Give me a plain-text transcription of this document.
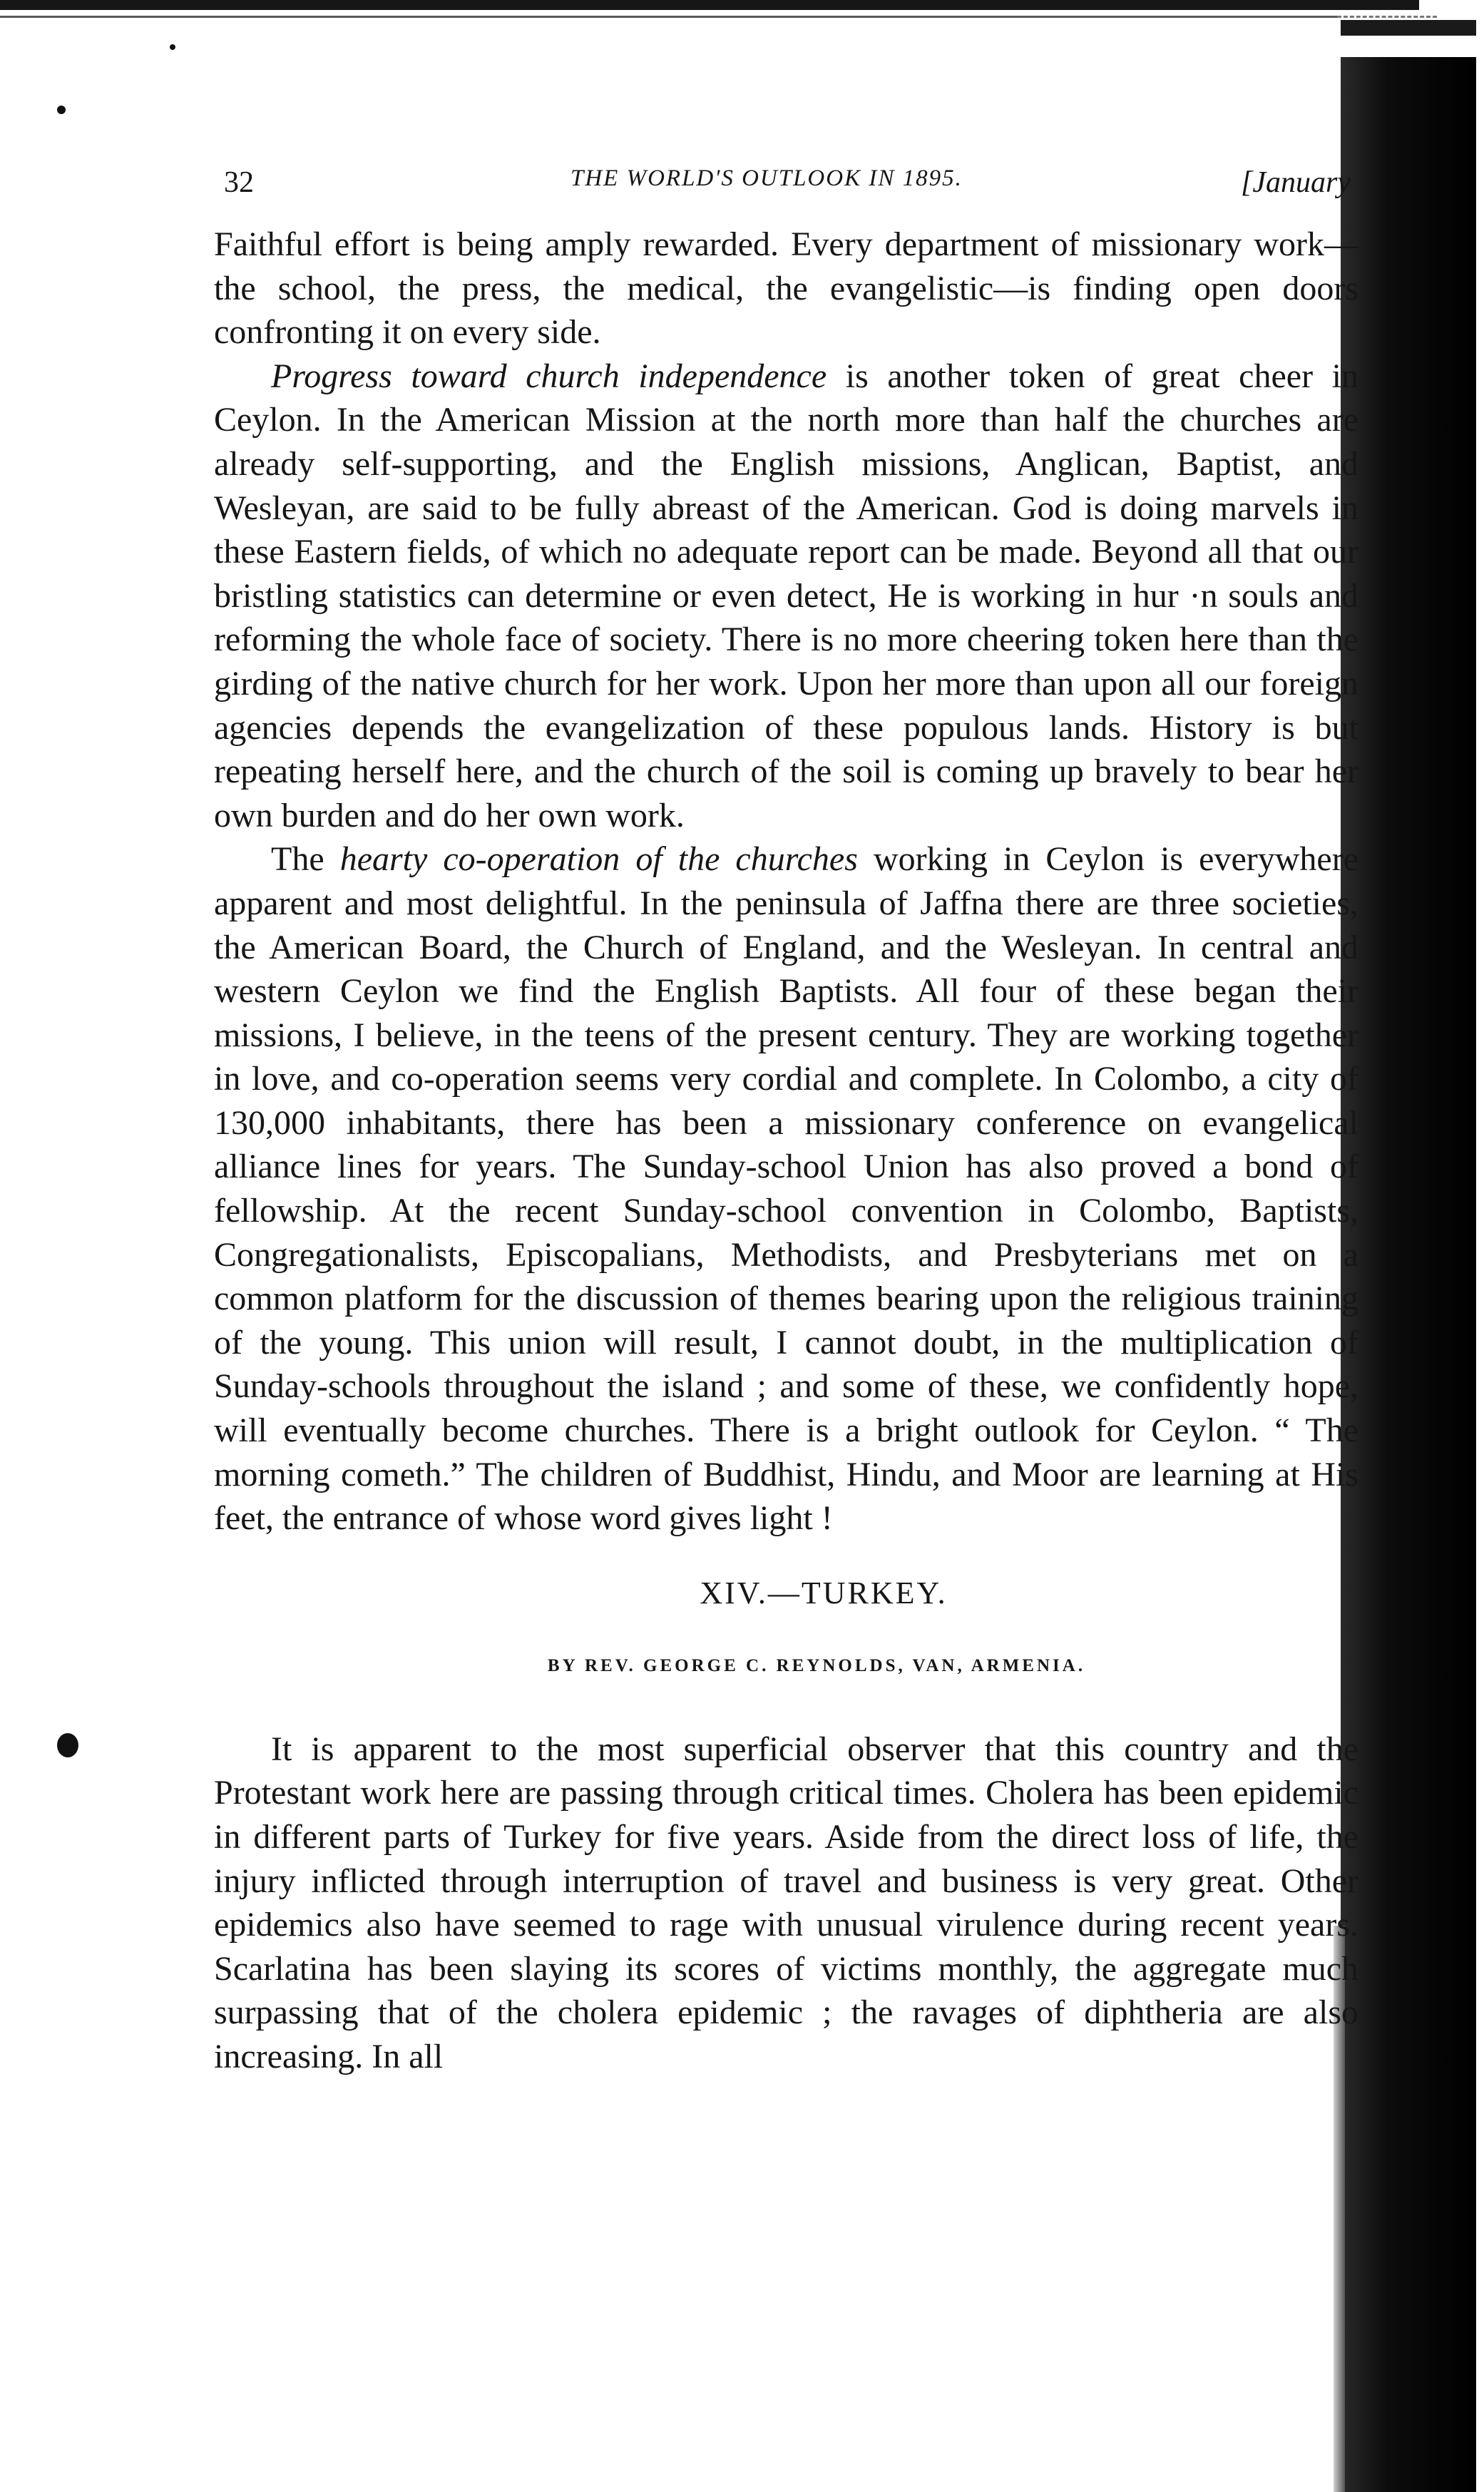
32	THE WORLD'S OUTLOOK IN 1895.	[January

Faithful effort is being amply rewarded. Every department of missionary work—the school, the press, the medical, the evangelistic—is finding open doors confronting it on every side.

Progress toward church independence is another token of great cheer in Ceylon. In the American Mission at the north more than half the churches are already self-supporting, and the English missions, Anglican, Baptist, and Wesleyan, are said to be fully abreast of the American. God is doing marvels in these Eastern fields, of which no adequate report can be made. Beyond all that our bristling statistics can determine or even detect, He is working in hur ·n souls and reforming the whole face of society. There is no more cheering token here than the girding of the native church for her work. Upon her more than upon all our foreign agencies depends the evangelization of these populous lands. History is but repeating herself here, and the church of the soil is coming up bravely to bear her own burden and do her own work.

The hearty co-operation of the churches working in Ceylon is everywhere apparent and most delightful. In the peninsula of Jaffna there are three societies, the American Board, the Church of England, and the Wesleyan. In central and western Ceylon we find the English Baptists. All four of these began their missions, I believe, in the teens of the present century. They are working together in love, and co-operation seems very cordial and complete. In Colombo, a city of 130,000 inhabitants, there has been a missionary conference on evangelical alliance lines for years. The Sunday-school Union has also proved a bond of fellowship. At the recent Sunday-school convention in Colombo, Baptists, Congregationalists, Episcopalians, Methodists, and Presbyterians met on a common platform for the discussion of themes bearing upon the religious training of the young. This union will result, I cannot doubt, in the multiplication of Sunday-schools throughout the island ; and some of these, we confidently hope, will eventually become churches. There is a bright outlook for Ceylon. “ The morning cometh.” The children of Buddhist, Hindu, and Moor are learning at His feet, the entrance of whose word gives light !

XIV.—TURKEY.
BY REV. GEORGE C. REYNOLDS, VAN, ARMENIA.

It is apparent to the most superficial observer that this country and the Protestant work here are passing through critical times. Cholera has been epidemic in different parts of Turkey for five years. Aside from the direct loss of life, the injury inflicted through interruption of travel and business is very great. Other epidemics also have seemed to rage with unusual virulence during recent years. Scarlatina has been slaying its scores of victims monthly, the aggregate much surpassing that of the cholera epidemic ; the ravages of diphtheria are also increasing. In all
